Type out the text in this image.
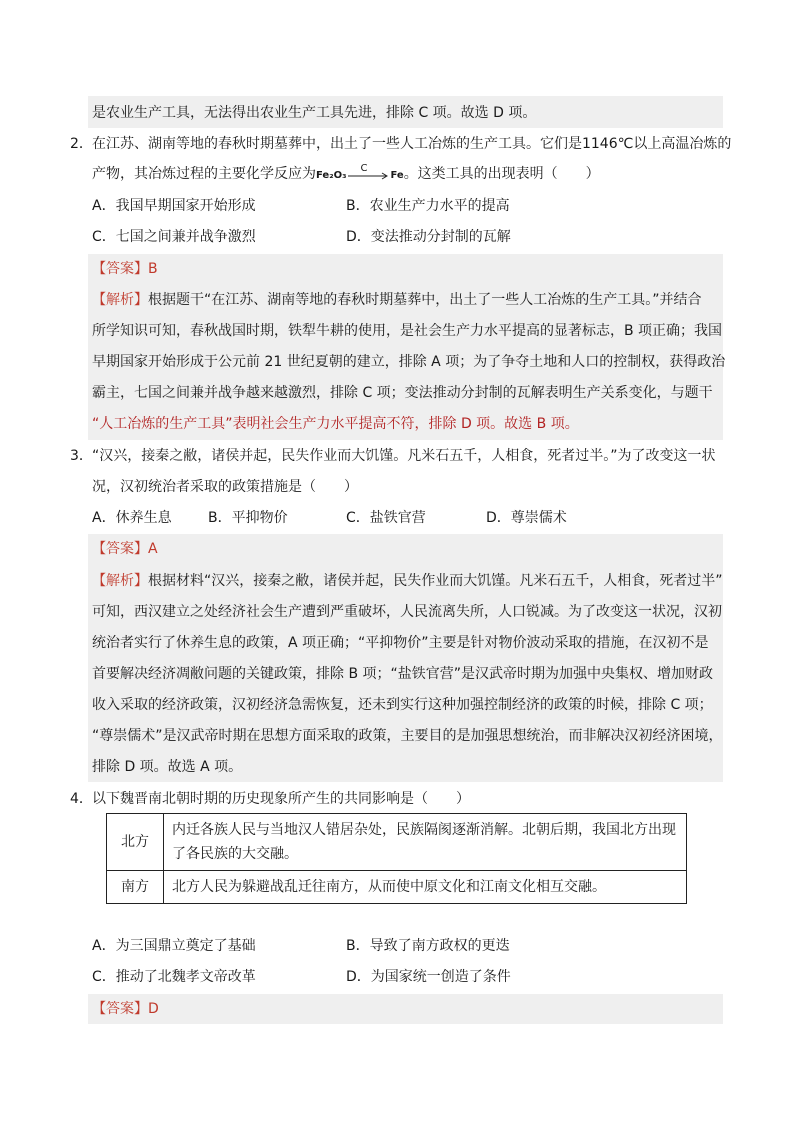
是农业生产工具，无法得出农业生产工具先进，排除 C 项。故选 D 项。
2． 在江苏、湖南等地的春秋时期墓葬中，出土了一些人工冶炼的生产工具。它们是1146℃以上高温冶炼的
产物，其冶炼过程的主要化学反应为Fe₂O₃
C
Fe。这类工具的出现表明（　　）
A．我国早期国家开始形成	B．农业生产力水平的提高
C．七国之间兼并战争激烈	D．变法推动分封制的瓦解
【答案】B
【解析】根据题干“在江苏、湖南等地的春秋时期墓葬中，出土了一些人工冶炼的生产工具。”并结合
所学知识可知，春秋战国时期，铁犁牛耕的使用，是社会生产力水平提高的显著标志，B 项正确；我国
早期国家开始形成于公元前 21 世纪夏朝的建立，排除 A 项；为了争夺土地和人口的控制权，获得政治
霸主，七国之间兼并战争越来越激烈，排除 C 项；变法推动分封制的瓦解表明生产关系变化，与题干
“人工冶炼的生产工具”表明社会生产力水平提高不符，排除 D 项。故选 B 项。
3． “汉兴，接秦之敝，诸侯并起，民失作业而大饥馑。凡米石五千，人相食，死者过半。”为了改变这一状
况，汉初统治者采取的政策措施是（　　）
A．休养生息	B．平抑物价	C．盐铁官营	D．尊崇儒术
【答案】A
【解析】根据材料“汉兴，接秦之敝，诸侯并起，民失作业而大饥馑。凡米石五千，人相食，死者过半”
可知，西汉建立之处经济社会生产遭到严重破坏，人民流离失所，人口锐减。为了改变这一状况，汉初
统治者实行了休养生息的政策，A 项正确；“平抑物价”主要是针对物价波动采取的措施，在汉初不是
首要解决经济凋敝问题的关键政策，排除 B 项；“盐铁官营”是汉武帝时期为加强中央集权、增加财政
收入采取的经济政策，汉初经济急需恢复，还未到实行这种加强控制经济的政策的时候，排除 C 项；
“尊崇儒术”是汉武帝时期在思想方面采取的政策，主要目的是加强思想统治，而非解决汉初经济困境，
排除 D 项。故选 A 项。
4． 以下魏晋南北朝时期的历史现象所产生的共同影响是（　　）
北方	内迁各族人民与当地汉人错居杂处，民族隔阂逐渐消解。北朝后期，我国北方出现
了各民族的大交融。

南方	北方人民为躲避战乱迁往南方，从而使中原文化和江南文化相互交融。
A．为三国鼎立奠定了基础	B．导致了南方政权的更迭
C．推动了北魏孝文帝改革	D．为国家统一创造了条件
【答案】D
